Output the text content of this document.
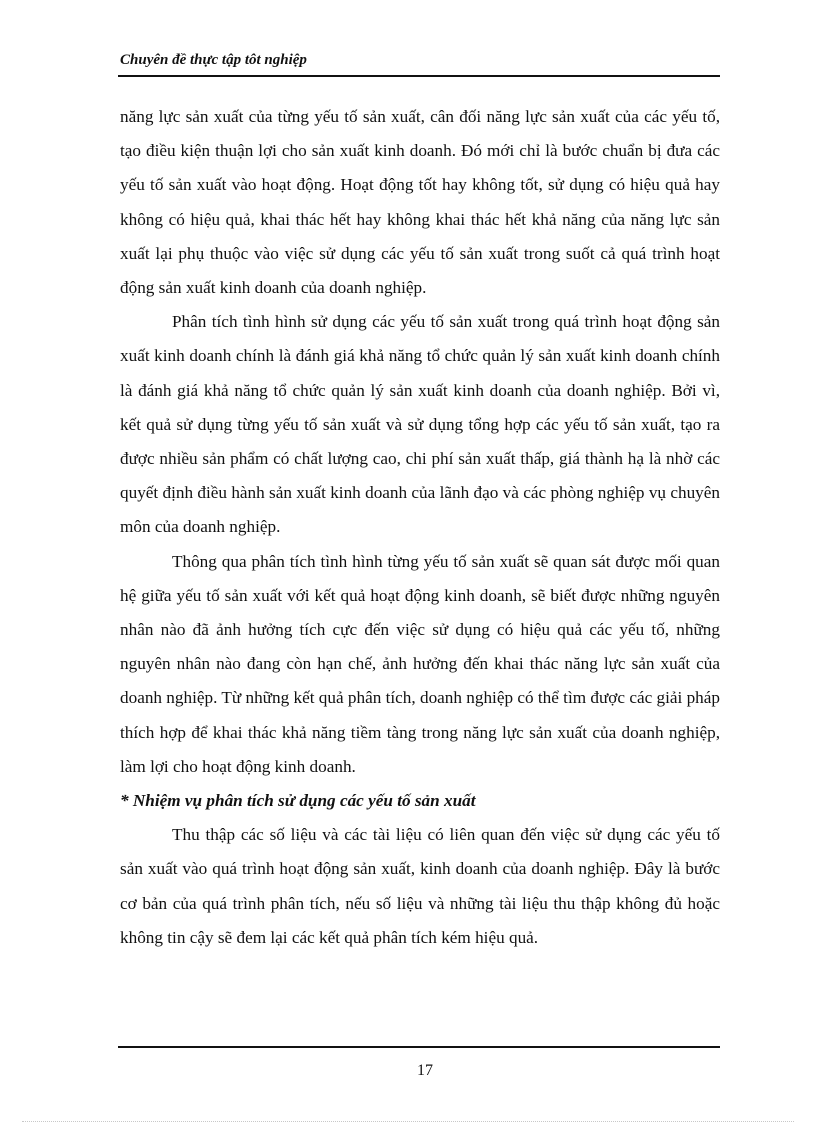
Chuyên đề thực tập tôt nghiệp

năng lực sản xuất của từng yếu tố sản xuất, cân đối năng lực sản xuất của các yếu tố, tạo điều kiện thuận lợi cho sản xuất kinh doanh. Đó mới chỉ là bước chuẩn bị đưa các yếu tố sản xuất vào hoạt động. Hoạt động tốt hay không tốt, sử dụng có hiệu quả hay không có hiệu quả, khai thác hết hay không khai thác hết khả năng của năng lực sản xuất lại phụ thuộc vào việc sử dụng các yếu tố sản xuất trong suốt cả quá trình hoạt động sản xuất kinh doanh của doanh nghiệp.

Phân tích tình hình sử dụng các yếu tố sản xuất trong quá trình hoạt động sản xuất kinh doanh chính là đánh giá khả năng tổ chức quản lý sản xuất kinh doanh chính là đánh giá khả năng tổ chức quản lý sản xuất kinh doanh của doanh nghiệp. Bởi vì, kết quả sử dụng từng yếu tố sản xuất và sử dụng tổng hợp các yếu tố sản xuất, tạo ra được nhiều sản phẩm có chất lượng cao, chi phí sản xuất thấp, giá thành hạ là nhờ các quyết định điều hành sản xuất kinh doanh của lãnh đạo và các phòng nghiệp vụ chuyên môn của doanh nghiệp.

Thông qua phân tích tình hình từng yếu tố sản xuất sẽ quan sát được mối quan hệ giữa yếu tố sản xuất với kết quả hoạt động kinh doanh, sẽ biết được những nguyên nhân nào đã ảnh hưởng tích cực đến việc sử dụng có hiệu quả các yếu tố, những nguyên nhân nào đang còn hạn chế, ảnh hưởng đến khai thác năng lực sản xuất của doanh nghiệp. Từ những kết quả phân tích, doanh nghiệp có thể tìm được các giải pháp thích hợp để khai thác khả năng tiềm tàng trong năng lực sản xuất của doanh nghiệp, làm lợi cho hoạt động kinh doanh.

* Nhiệm vụ phân tích sử dụng các yếu tố sản xuất

Thu thập các số liệu và các tài liệu có liên quan đến việc sử dụng các yếu tố sản xuất vào quá trình hoạt động sản xuất, kinh doanh của doanh nghiệp. Đây là bước cơ bản của quá trình phân tích, nếu số liệu và những tài liệu thu thập không đủ hoặc không tin cậy sẽ đem lại các kết quả phân tích kém hiệu quả.

17
